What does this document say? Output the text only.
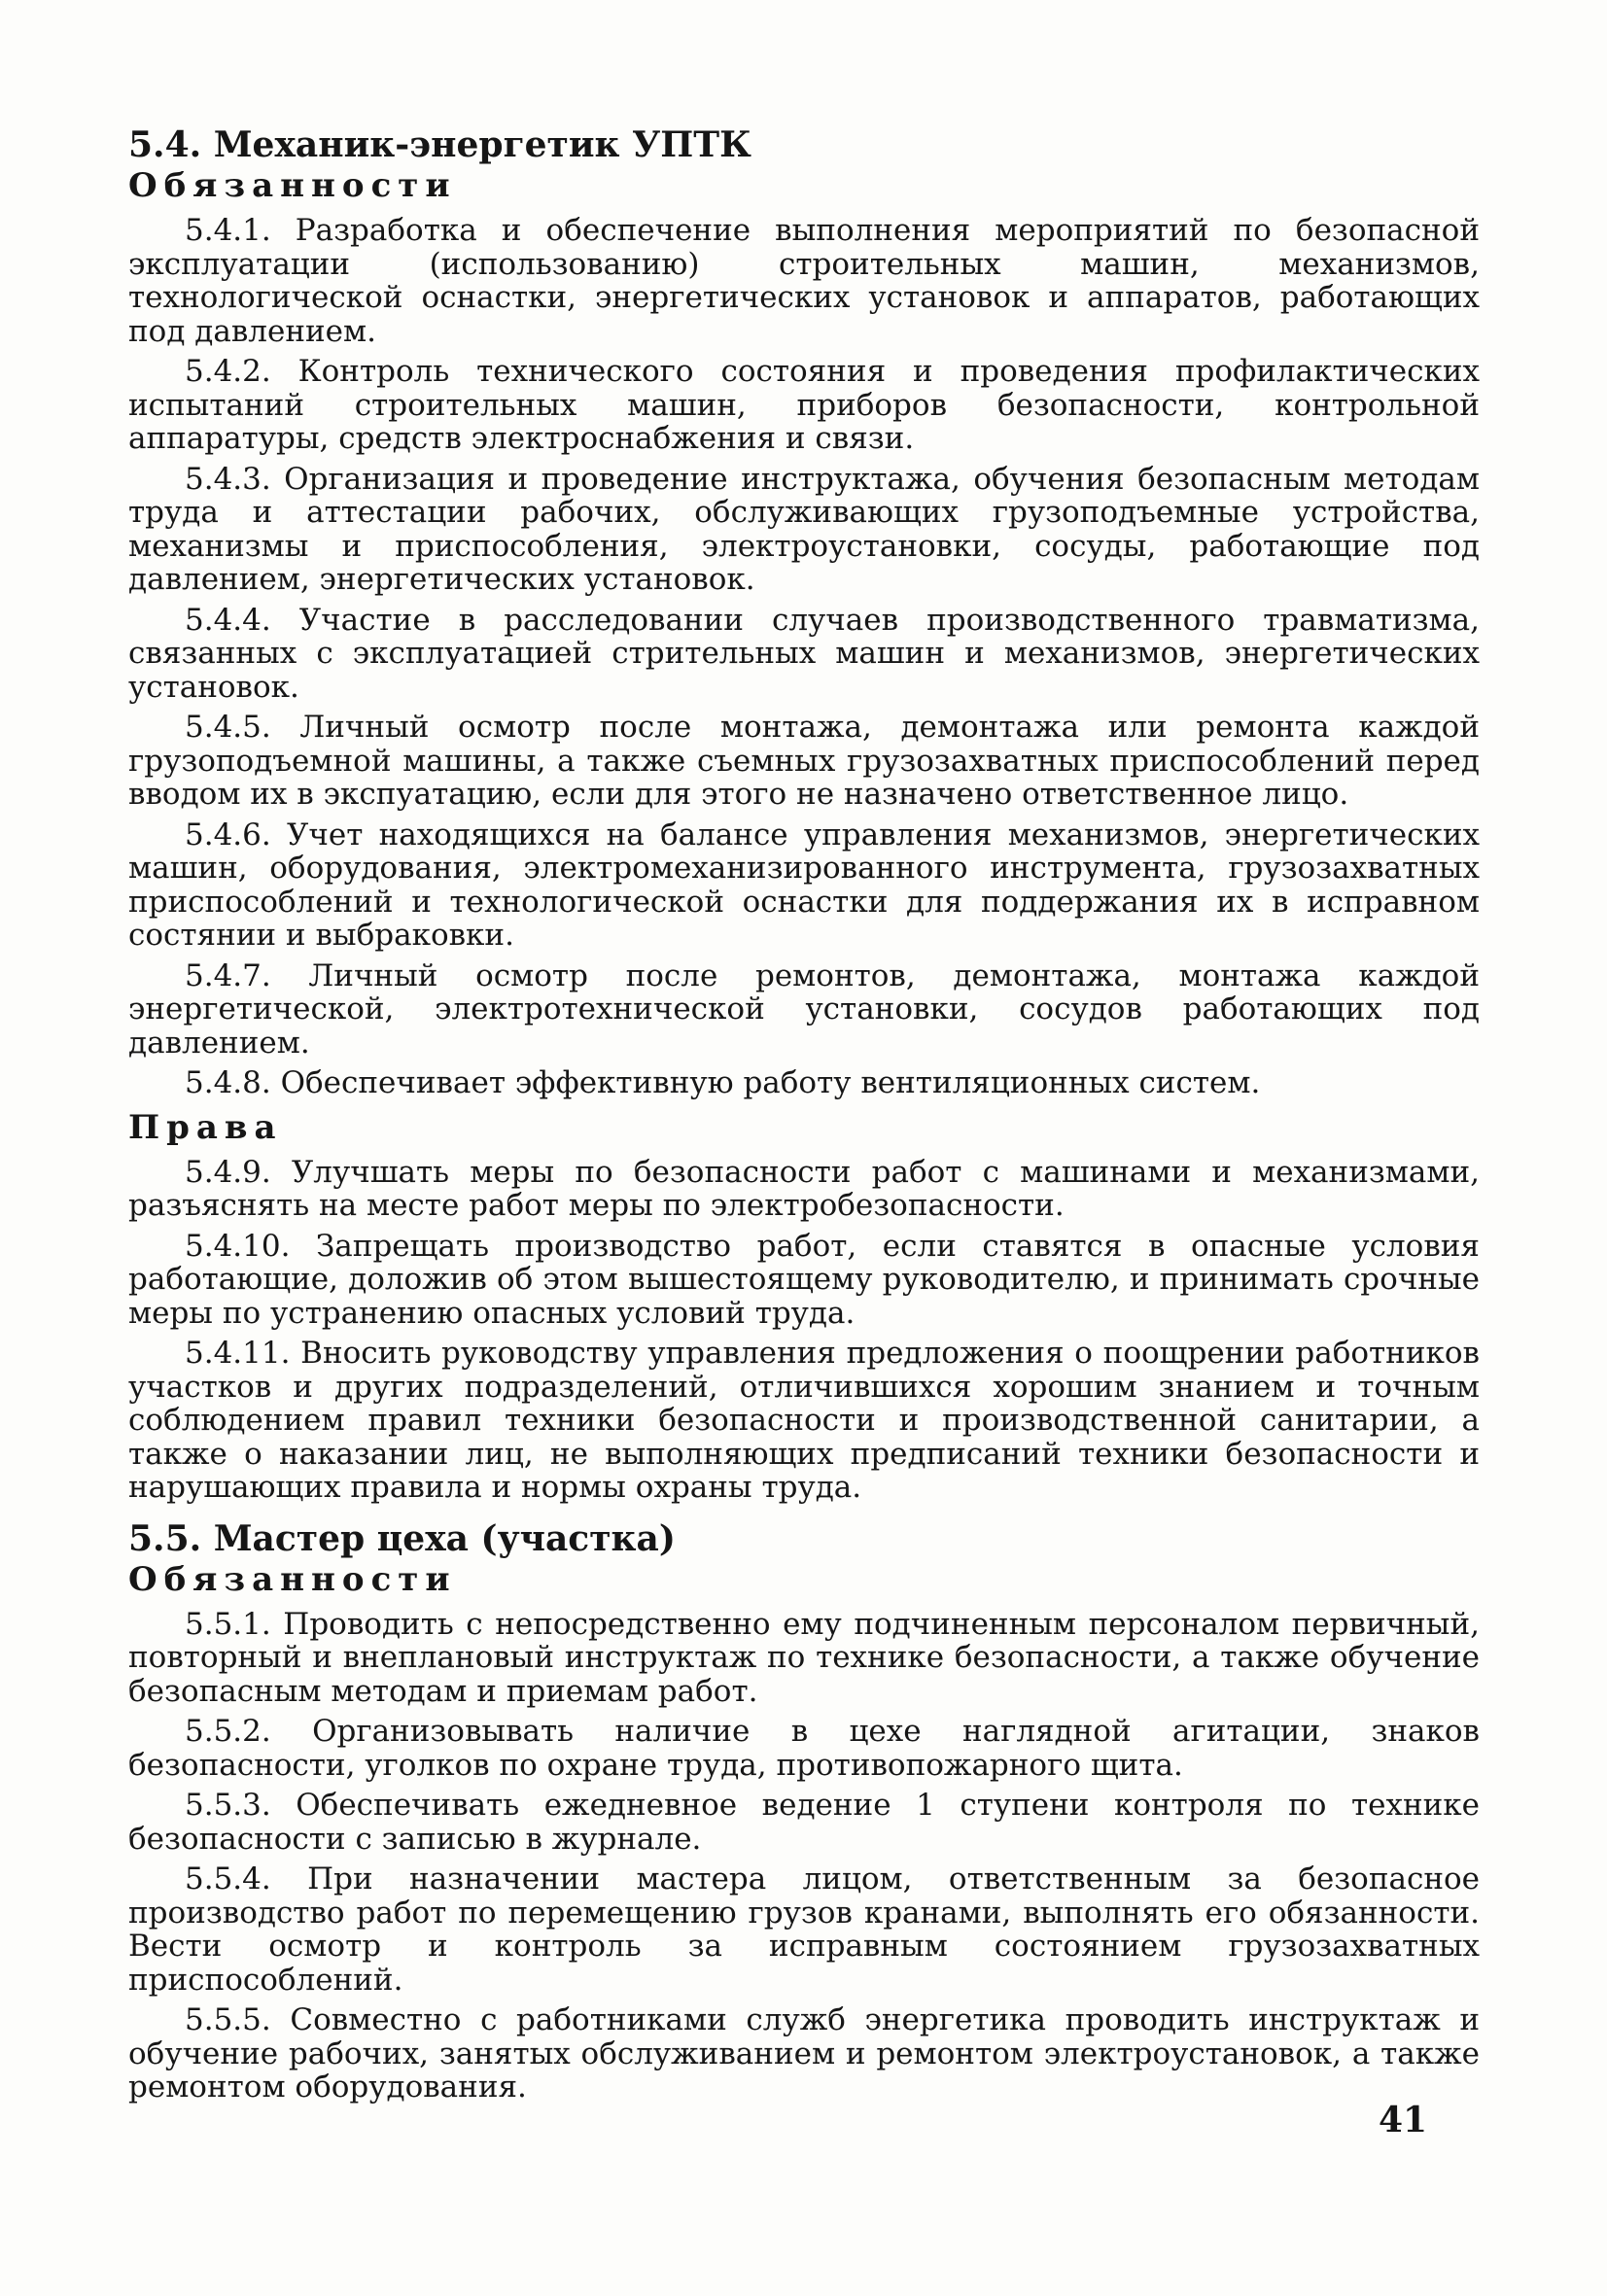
5.4. Механик-энергетик УПТК
Обязанности

5.4.1. Разработка и обеспечение выполнения мероприятий по безопасной эксплуатации (использованию) строительных машин, механизмов, технологической оснастки, энергетических установок и аппаратов, работающих под давлением.

5.4.2. Контроль технического состояния и проведения профилактических испытаний строительных машин, приборов безопасности, контрольной аппаратуры, средств электроснабжения и связи.

5.4.3. Организация и проведение инструктажа, обучения безопасным методам труда и аттестации рабочих, обслуживающих грузоподъемные устройства, механизмы и приспособления, электроустановки, сосуды, работающие под давлением, энергетических установок.

5.4.4. Участие в расследовании случаев производственного травматизма, связанных с эксплуатацией стрительных машин и механизмов, энергетических установок.

5.4.5. Личный осмотр после монтажа, демонтажа или ремонта каждой грузоподъемной машины, а также съемных грузозахватных приспособлений перед вводом их в экспуатацию, если для этого не назначено ответственное лицо.

5.4.6. Учет находящихся на балансе управления механизмов, энергетических машин, оборудования, электромеханизированного инструмента, грузозахватных приспособлений и технологической оснастки для поддержания их в исправном состянии и выбраковки.

5.4.7. Личный осмотр после ремонтов, демонтажа, монтажа каждой энергетической, электротехнической установки, сосудов работающих под давлением.

5.4.8. Обеспечивает эффективную работу вентиляционных систем.

Права

5.4.9. Улучшать меры по безопасности работ с машинами и механизмами, разъяснять на месте работ меры по электробезопасности.

5.4.10. Запрещать производство работ, если ставятся в опасные условия работающие, доложив об этом вышестоящему руководителю, и принимать срочные меры по устранению опасных условий труда.

5.4.11. Вносить руководству управления предложения о поощрении работников участков и других подразделений, отличившихся хорошим знанием и точным соблюдением правил техники безопасности и производственной санитарии, а также о наказании лиц, не выполняющих предписаний техники безопасности и нарушающих правила и нормы охраны труда.

5.5. Мастер цеха (участка)
Обязанности

5.5.1. Проводить с непосредственно ему подчиненным персоналом первичный, повторный и внеплановый инструктаж по технике безопасности, а также обучение безопасным методам и приемам работ.

5.5.2. Организовывать наличие в цехе наглядной агитации, знаков безопасности, уголков по охране труда, противопожарного щита.

5.5.3. Обеспечивать ежедневное ведение 1 ступени контроля по технике безопасности с записью в журнале.

5.5.4. При назначении мастера лицом, ответственным за безопасное производство работ по перемещению грузов кранами, выполнять его обязанности. Вести осмотр и контроль за исправным состоянием грузозахватных приспособлений.

5.5.5. Совместно с работниками служб энергетика проводить инструктаж и обучение рабочих, занятых обслуживанием и ремонтом электроустановок, а также ремонтом оборудования.

41
